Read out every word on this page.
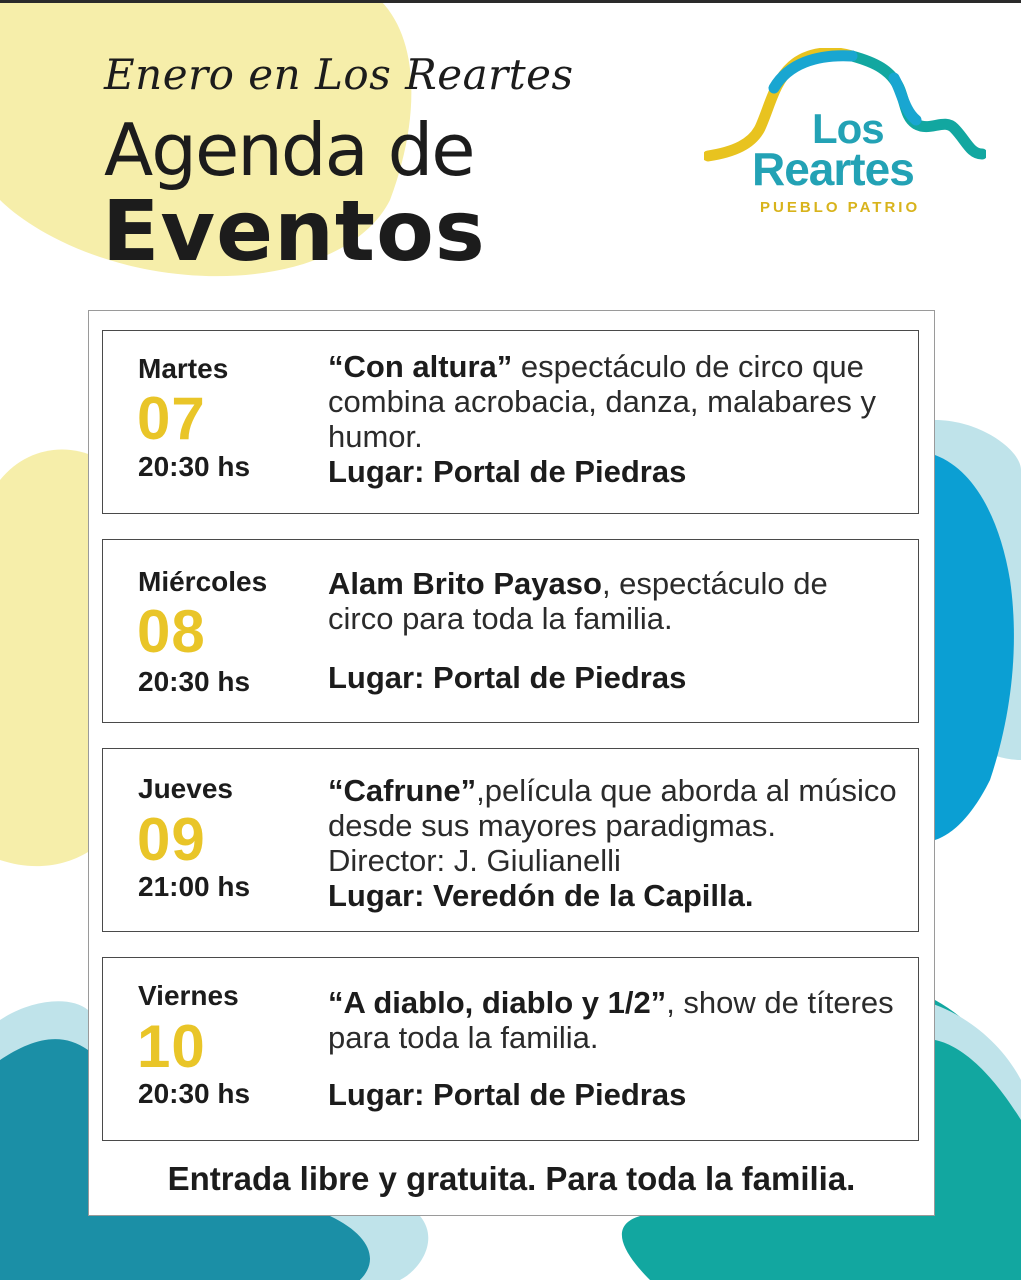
Enero en Los Reartes
Agenda de
Eventos
Los
Reartes
PUEBLO PATRIO
Martes
07
20:30 hs
“Con altura” espectáculo de circo que combina acrobacia, danza, malabares y humor.
Lugar: Portal de Piedras
Miércoles
08
20:30 hs
Alam Brito Payaso, espectáculo de circo para toda la familia.
Lugar: Portal de Piedras
Jueves
09
21:00 hs
“Cafrune”,película que aborda al músico desde sus mayores paradigmas. Director: J. Giulianelli
Lugar: Veredón de la Capilla.
Viernes
10
20:30 hs
“A diablo, diablo y 1/2”, show de títeres para toda la familia.
Lugar: Portal de Piedras
Entrada libre y gratuita. Para toda la familia.
